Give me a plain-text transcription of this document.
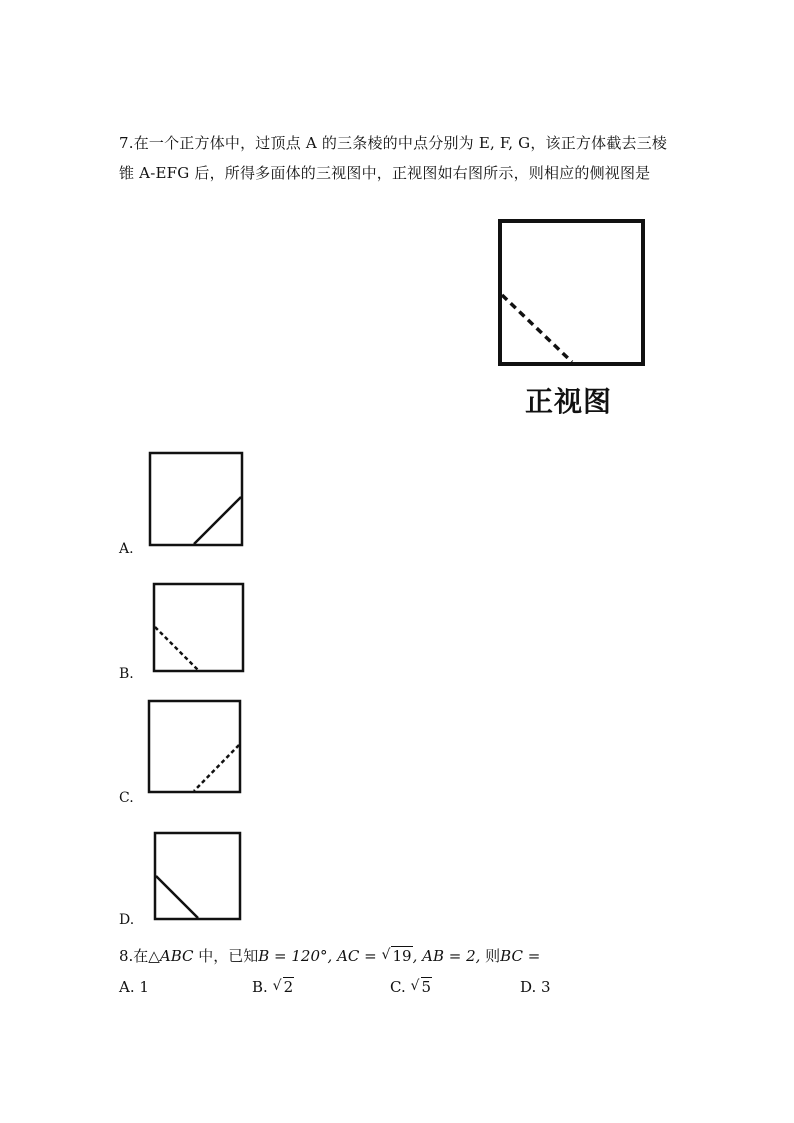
7.在一个正方体中，过顶点 A 的三条棱的中点分别为 E, F, G，该正方体截去三棱
锥 A-EFG 后，所得多面体的三视图中，正视图如右图所示，则相应的侧视图是
正视图
A.
B.
C.
D.
8.在△ABC 中，已知B = 120°, AC = √ 19, AB = 2, 则BC =
A. 1	B. √ 2	C. √ 5	D. 3
